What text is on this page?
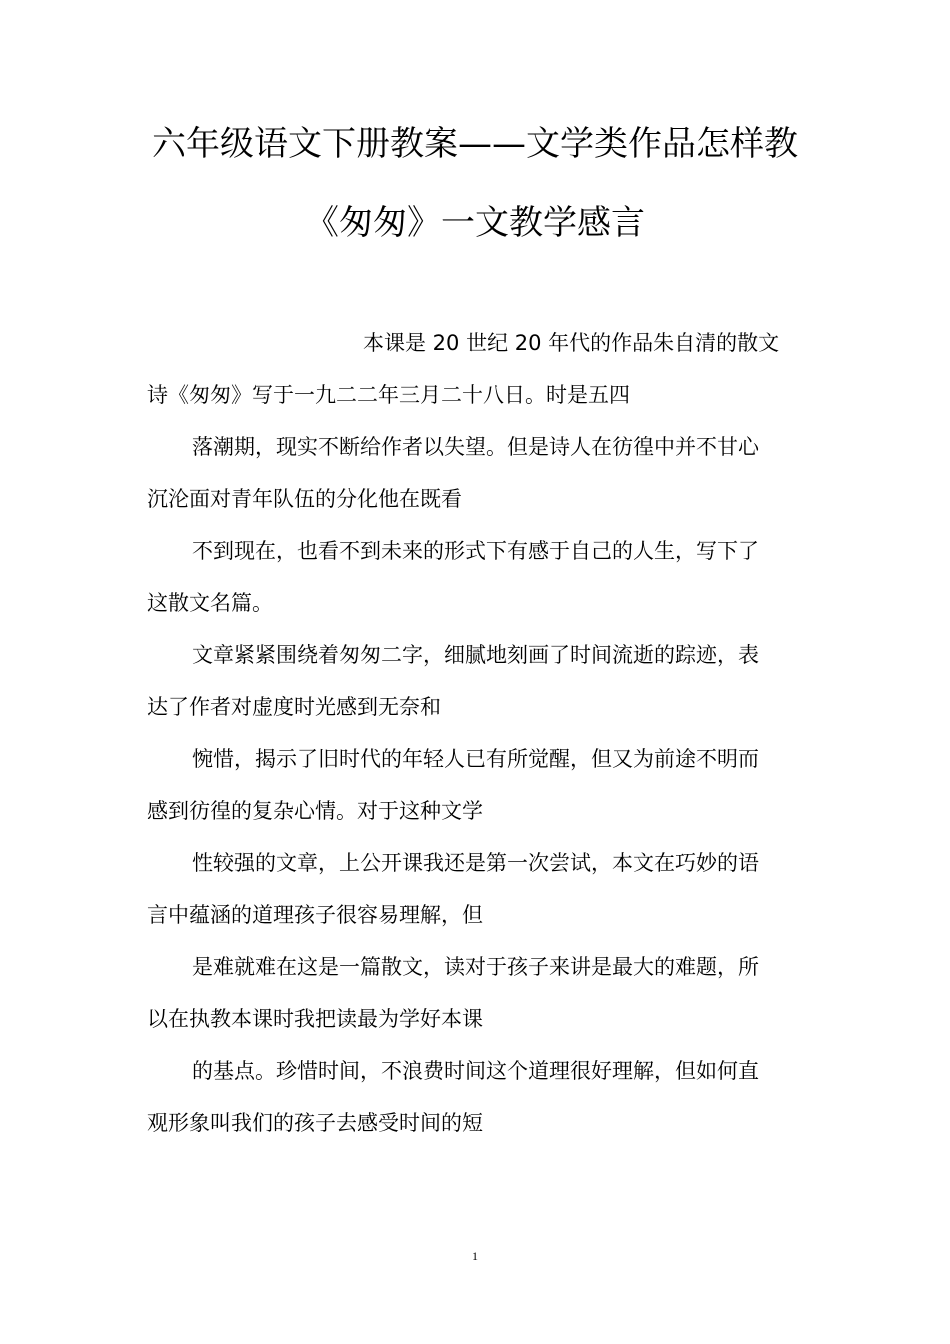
六年级语文下册教案——文学类作品怎样教
《匆匆》一文教学感言
本课是 20 世纪 20 年代的作品朱自清的散文
诗《匆匆》写于一九二二年三月二十八日。时是五四
落潮期，现实不断给作者以失望。但是诗人在彷徨中并不甘心
沉沦面对青年队伍的分化他在既看
不到现在，也看不到未来的形式下有感于自己的人生，写下了
这散文名篇。
文章紧紧围绕着匆匆二字，细腻地刻画了时间流逝的踪迹，表
达了作者对虚度时光感到无奈和
惋惜，揭示了旧时代的年轻人已有所觉醒，但又为前途不明而
感到彷徨的复杂心情。对于这种文学
性较强的文章，上公开课我还是第一次尝试，本文在巧妙的语
言中蕴涵的道理孩子很容易理解，但
是难就难在这是一篇散文，读对于孩子来讲是最大的难题，所
以在执教本课时我把读最为学好本课
的基点。珍惜时间，不浪费时间这个道理很好理解，但如何直
观形象叫我们的孩子去感受时间的短
1
